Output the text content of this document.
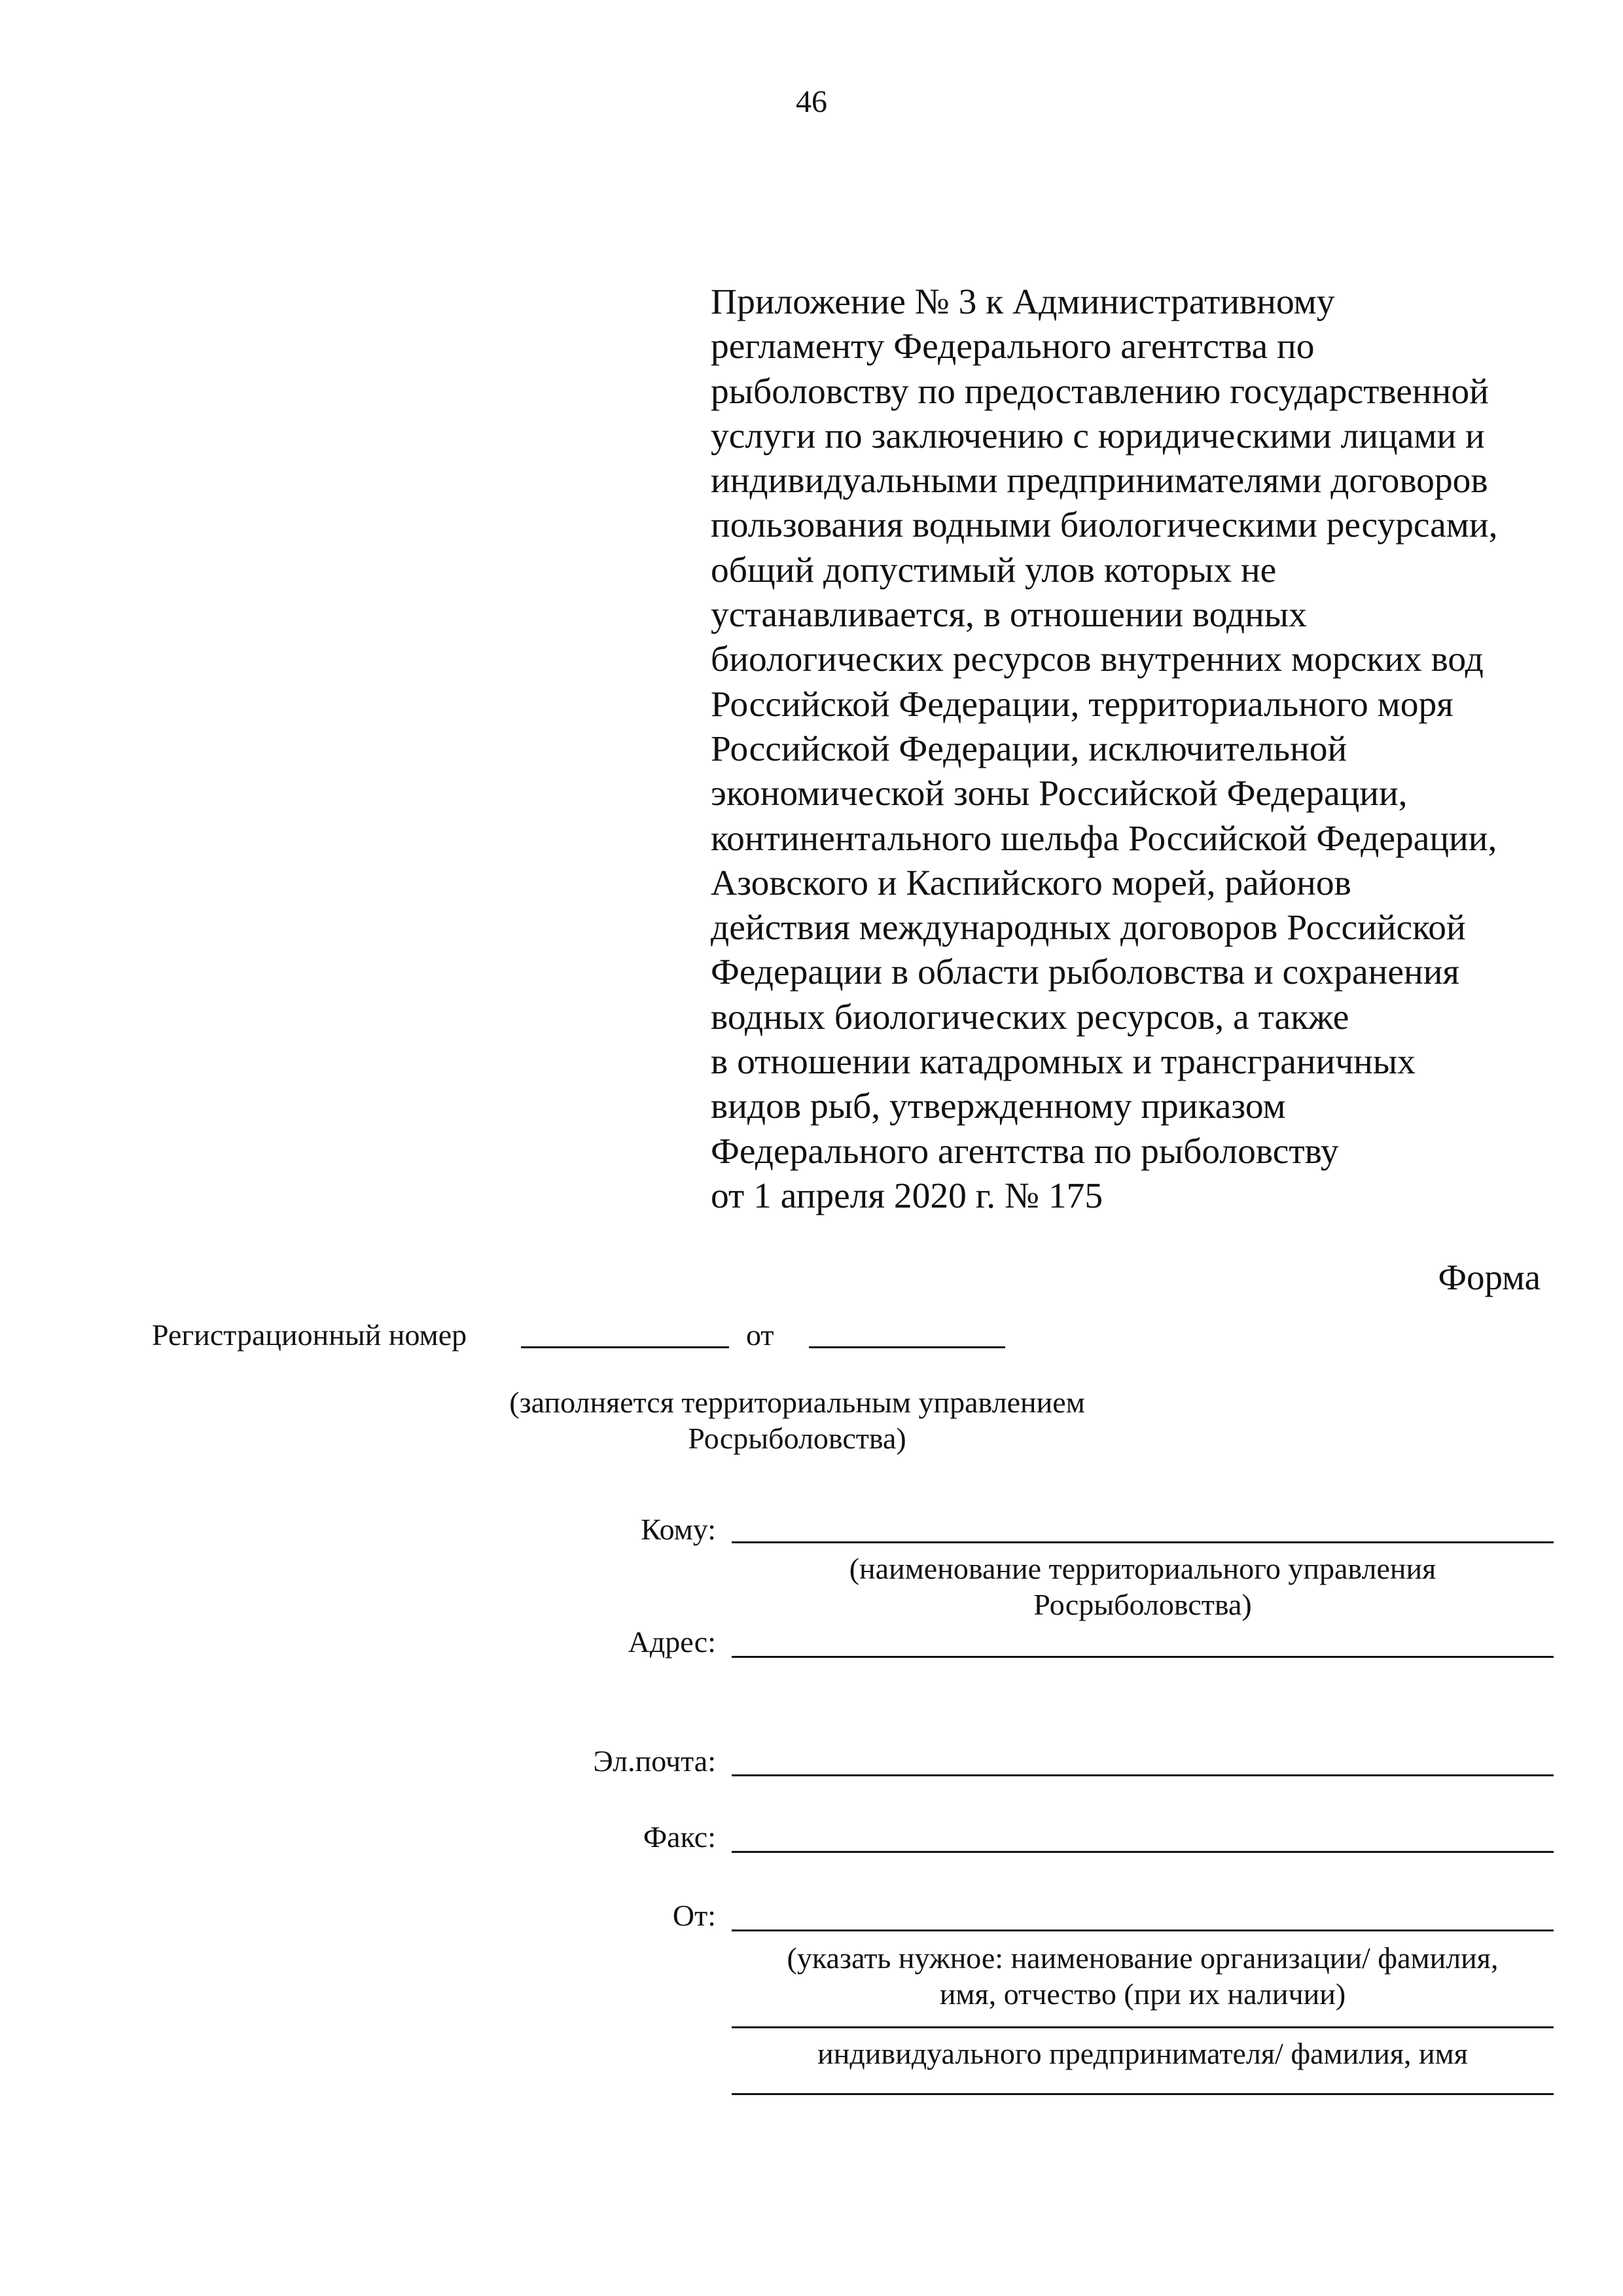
46
Приложение № 3 к Административному
регламенту Федерального агентства по
рыболовству по предоставлению государственной
услуги по заключению с юридическими лицами и
индивидуальными предпринимателями договоров
пользования водными биологическими ресурсами,
общий допустимый улов которых не
устанавливается, в отношении водных
биологических ресурсов внутренних морских вод
Российской Федерации, территориального моря
Российской Федерации, исключительной
экономической зоны Российской Федерации,
континентального шельфа Российской Федерации,
Азовского и Каспийского морей, районов
действия международных договоров Российской
Федерации в области рыболовства и сохранения
водных биологических ресурсов, а также
в отношении катадромных и трансграничных
видов рыб, утвержденному приказом
Федерального агентства по рыболовству
от 1 апреля 2020 г. № 175
Форма
Регистрационный номер	от
(заполняется территориальным управлением
Росрыболовства)
Кому:
(наименование территориального управления
Росрыболовства)
Адрес:
Эл.почта:
Факс:
От:
(указать нужное: наименование организации/ фамилия,
имя, отчество (при их наличии)
индивидуального предпринимателя/ фамилия, имя
